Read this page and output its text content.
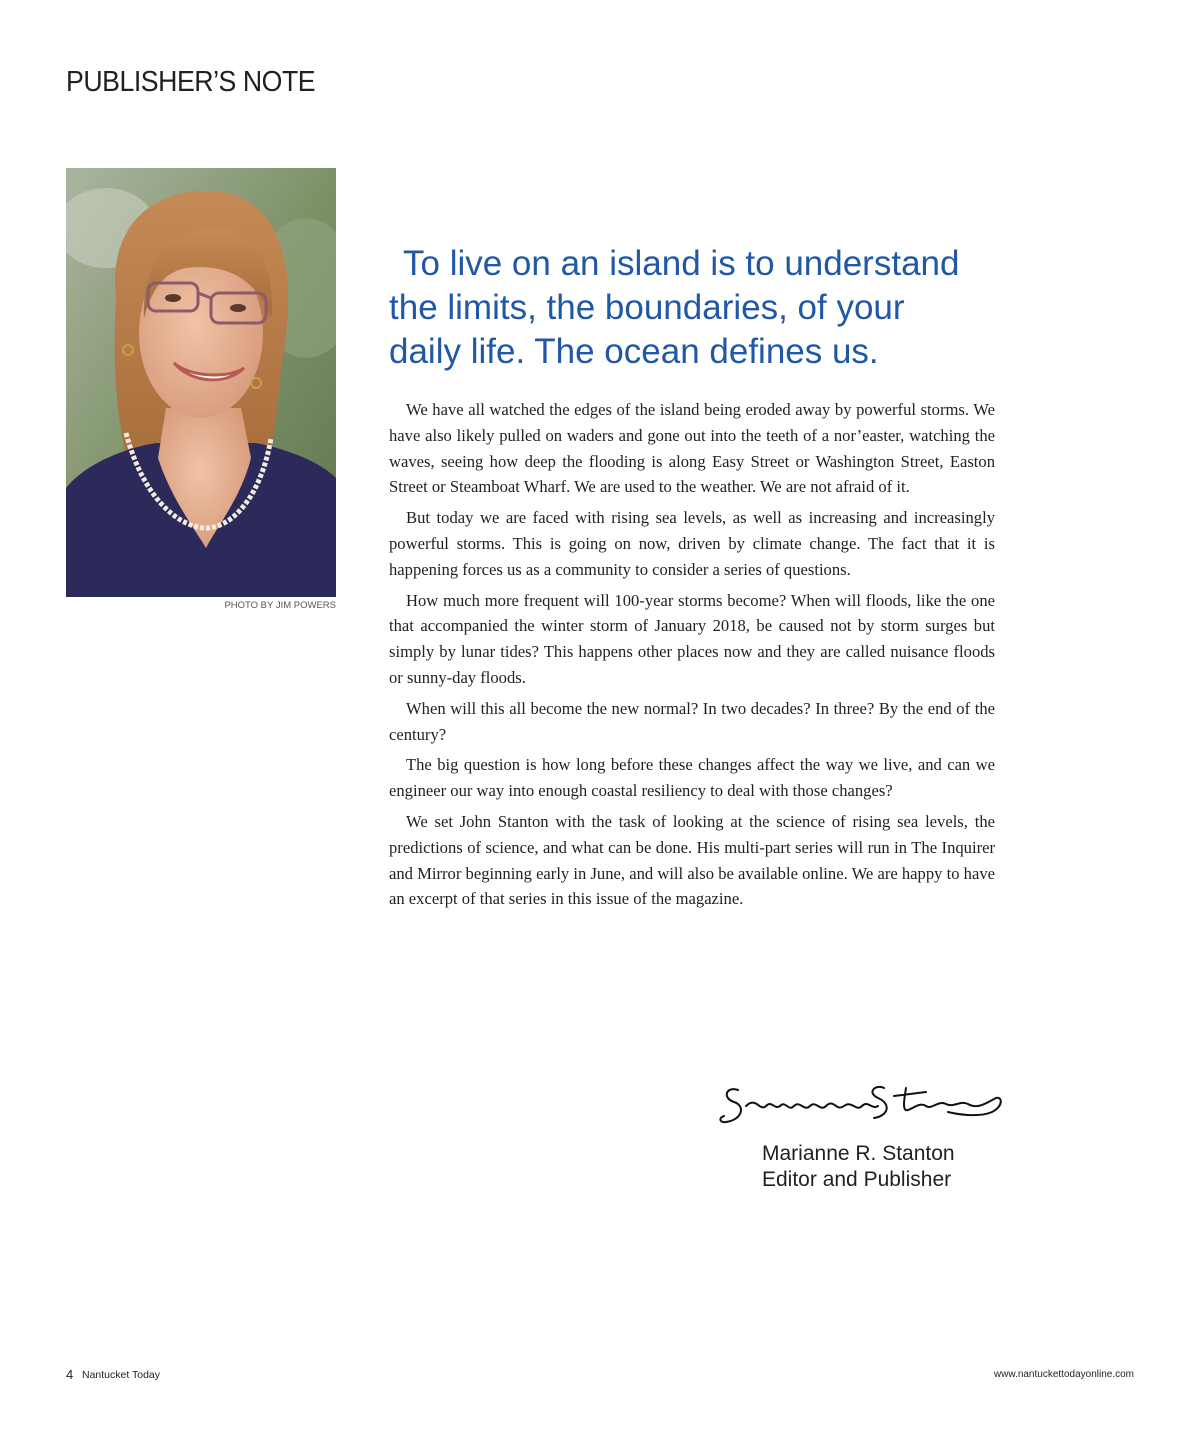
PUBLISHER’S NOTE
PHOTO BY JIM POWERS
To live on an island is to understand
the limits, the boundaries, of your
daily life. The ocean defines us.

We have all watched the edges of the island being eroded away by powerful storms. We have also likely pulled on waders and gone out into the teeth of a nor’easter, watching the waves, seeing how deep the flooding is along Easy Street or Washington Street, Easton Street or Steamboat Wharf. We are used to the weather. We are not afraid of it.

But today we are faced with rising sea levels, as well as increasing and increasingly powerful storms. This is going on now, driven by climate change. The fact that it is happening forces us as a community to consider a series of questions.

How much more frequent will 100-year storms become? When will floods, like the one that accompanied the winter storm of January 2018, be caused not by storm surges but simply by lunar tides? This happens other places now and they are called nuisance floods or sunny-day floods.

When will this all become the new normal? In two decades? In three? By the end of the century?

The big question is how long before these changes affect the way we live, and can we engineer our way into enough coastal resiliency to deal with those changes?

We set John Stanton with the task of looking at the science of rising sea levels, the predictions of science, and what can be done. His multi-part series will run in The Inquirer and Mirror beginning early in June, and will also be available online. We are happy to have an excerpt of that series in this issue of the magazine.

Marianne R. Stanton
Editor and Publisher
4 Nantucket Today	www.nantuckettodayonline.com
